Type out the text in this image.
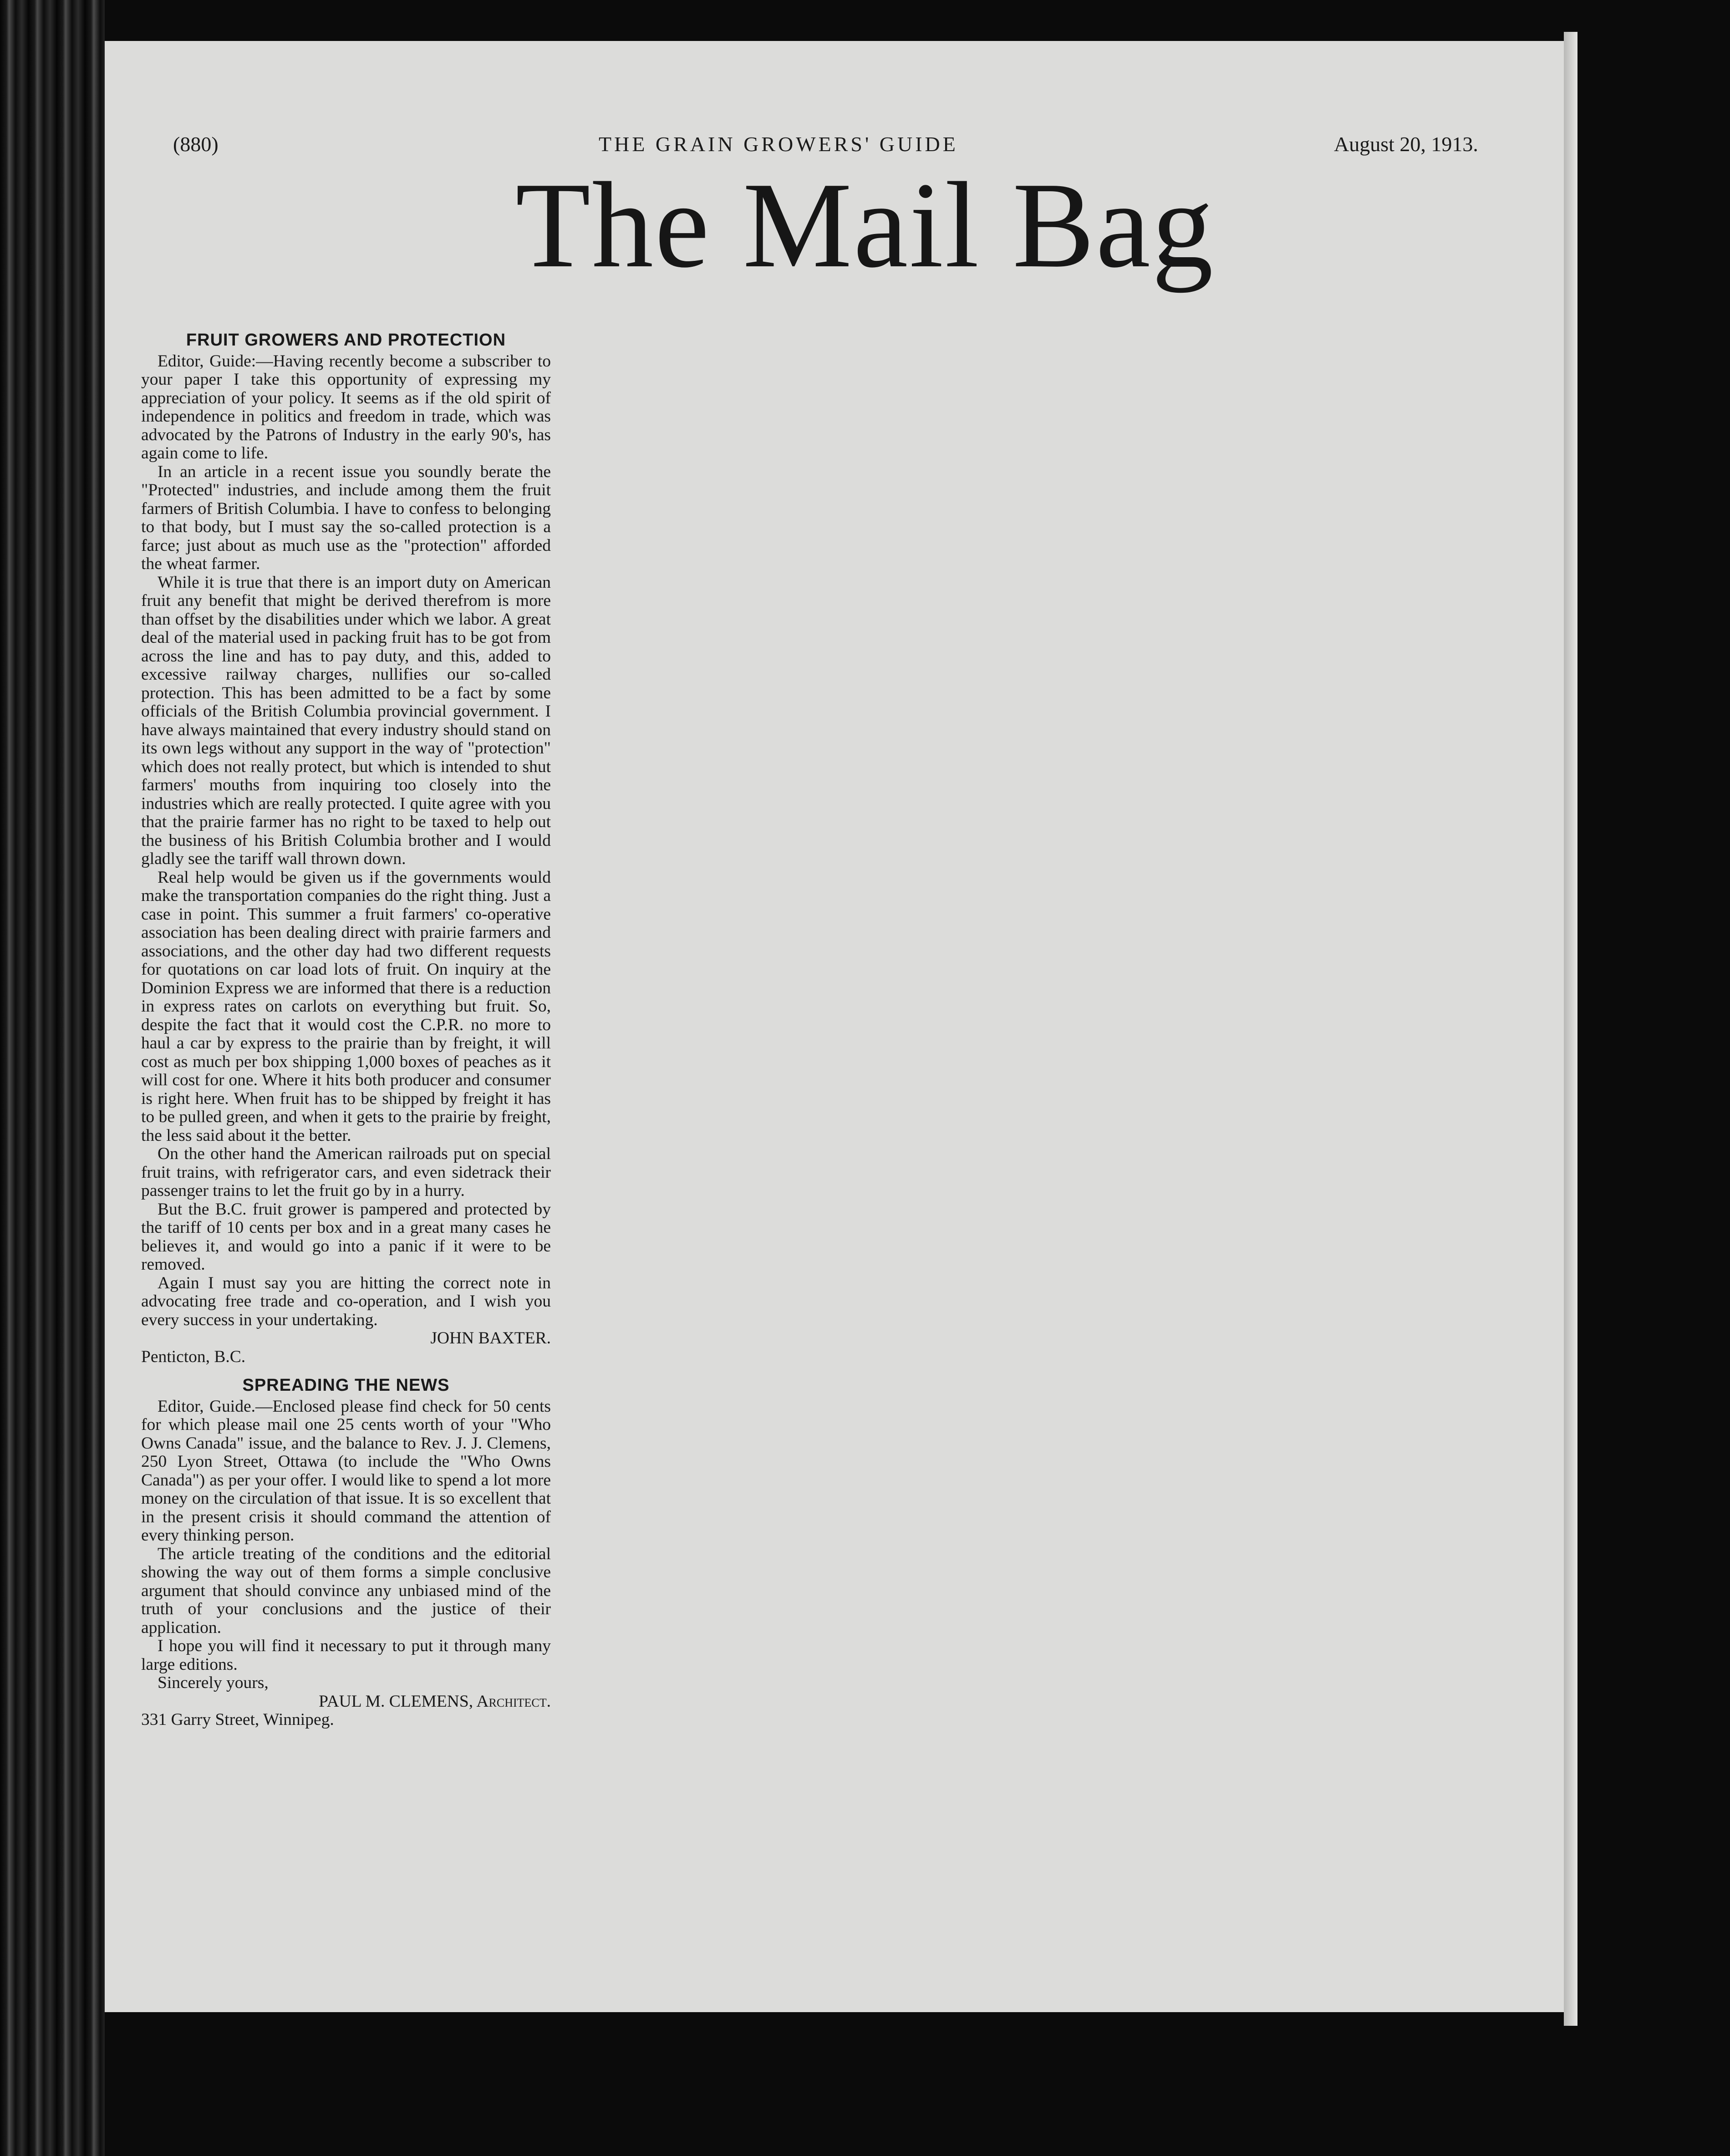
(880)	THE GRAIN GROWERS' GUIDE	August 20, 1913.
The Mail Bag
FRUIT GROWERS AND PROTECTION

Editor, Guide:—Having recently become a subscriber to your paper I take this opportunity of expressing my appreciation of your policy. It seems as if the old spirit of independence in politics and freedom in trade, which was advocated by the Patrons of Industry in the early 90's, has again come to life.

In an article in a recent issue you soundly berate the "Protected" industries, and include among them the fruit farmers of British Columbia. I have to confess to belonging to that body, but I must say the so-called protection is a farce; just about as much use as the "protection" afforded the wheat farmer.

While it is true that there is an import duty on American fruit any benefit that might be derived therefrom is more than offset by the disabilities under which we labor. A great deal of the material used in packing fruit has to be got from across the line and has to pay duty, and this, added to excessive railway charges, nullifies our so-called protection. This has been admitted to be a fact by some officials of the British Columbia provincial government. I have always maintained that every industry should stand on its own legs without any support in the way of "protection" which does not really protect, but which is intended to shut farmers' mouths from inquiring too closely into the industries which are really protected. I quite agree with you that the prairie farmer has no right to be taxed to help out the business of his British Columbia brother and I would gladly see the tariff wall thrown down.

Real help would be given us if the governments would make the transportation companies do the right thing. Just a case in point. This summer a fruit farmers' co-operative association has been dealing direct with prairie farmers and associations, and the other day had two different requests for quotations on car load lots of fruit. On inquiry at the Dominion Express we are informed that there is a reduction in express rates on carlots on everything but fruit. So, despite the fact that it would cost the C.P.R. no more to haul a car by express to the prairie than by freight, it will cost as much per box shipping 1,000 boxes of peaches as it will cost for one. Where it hits both producer and consumer is right here. When fruit has to be shipped by freight it has to be pulled green, and when it gets to the prairie by freight, the less said about it the better.

On the other hand the American railroads put on special fruit trains, with refrigerator cars, and even sidetrack their passenger trains to let the fruit go by in a hurry.

But the B.C. fruit grower is pampered and protected by the tariff of 10 cents per box and in a great many cases he believes it, and would go into a panic if it were to be removed.

Again I must say you are hitting the correct note in advocating free trade and co-operation, and I wish you every success in your undertaking.

JOHN BAXTER.

Penticton, B.C.

SPREADING THE NEWS

Editor, Guide.—Enclosed please find check for 50 cents for which please mail one 25 cents worth of your "Who Owns Canada" issue, and the balance to Rev. J. J. Clemens, 250 Lyon Street, Ottawa (to include the "Who Owns Canada") as per your offer. I would like to spend a lot more money on the circulation of that issue. It is so excellent that in the present crisis it should command the attention of every thinking person.

The article treating of the conditions and the editorial showing the way out of them forms a simple conclusive argument that should convince any unbiased mind of the truth of your conclusions and the justice of their application.

I hope you will find it necessary to put it through many large editions.

Sincerely yours,

PAUL M. CLEMENS, Architect.

331 Garry Street, Winnipeg.
